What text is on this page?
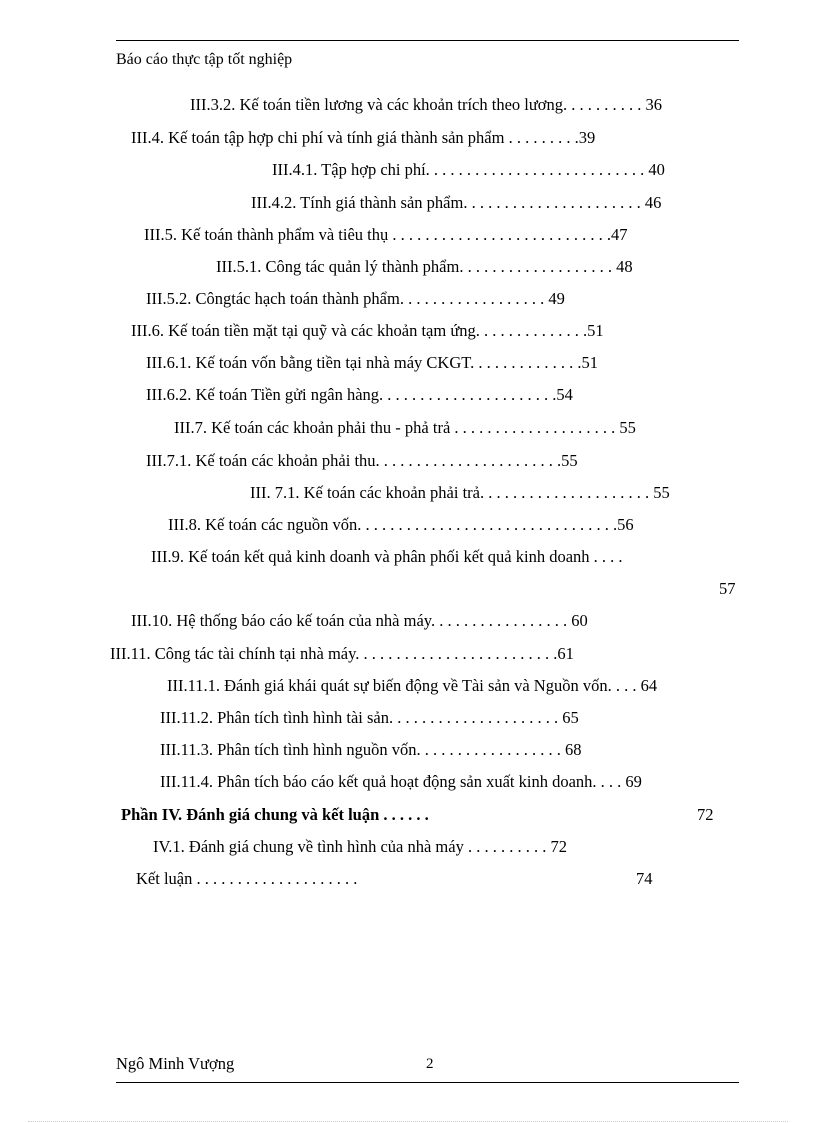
Báo cáo thực tập tốt nghiệp
III.3.2. Kế toán tiền lương và các khoản trích theo lương. . . . . . . . . . 36
III.4. Kế toán tập hợp chi phí và tính giá thành sản phẩm . . . . . . . . .39
III.4.1. Tập hợp chi phí. . . . . . . . . . . . . . . . . . . . . . . . . . . 40
III.4.2. Tính giá thành sản phẩm. . . . . . . . . . . . . . . . . . . . . . 46
III.5. Kế toán thành phẩm và tiêu thụ . . . . . . . . . . . . . . . . . . . . . . . . . . .47
III.5.1. Công tác quản lý thành phẩm. . . . . . . . . . . . . . . . . . . 48
III.5.2. Côngtác hạch toán thành phẩm. . . . . . . . . . . . . . . . . . 49
III.6. Kế toán tiền mặt tại quỹ và các khoản tạm ứng. . . . . . . . . . . . . .51
III.6.1. Kế toán vốn bằng tiền tại nhà máy CKGT. . . . . . . . . . . . . .51
III.6.2. Kế toán Tiền gửi ngân hàng. . . . . . . . . . . . . . . . . . . . . .54
III.7. Kế toán các khoản phải thu - phả trả . . . . . . . . . . . . . . . . . . . . 55
III.7.1. Kế toán các khoản phải thu. . . . . . . . . . . . . . . . . . . . . . .55
III. 7.1. Kế toán các khoản phải trả. . . . . . . . . . . . . . . . . . . . . 55
III.8. Kế toán các nguồn vốn. . . . . . . . . . . . . . . . . . . . . . . . . . . . . . . .56
III.9. Kế toán kết quả kinh doanh và phân phối kết quả kinh doanh . . . .
57
III.10. Hệ thống báo cáo kế toán của nhà máy. . . . . . . . . . . . . . . . . 60
III.11. Công tác tài chính tại nhà máy. . . . . . . . . . . . . . . . . . . . . . . . .61
III.11.1. Đánh giá khái quát sự biến động về Tài sản và Nguồn vốn. . . . 64
III.11.2. Phân tích tình hình tài sản. . . . . . . . . . . . . . . . . . . . . 65
III.11.3. Phân tích tình hình nguồn vốn. . . . . . . . . . . . . . . . . . 68
III.11.4. Phân tích báo cáo kết quả hoạt động sản xuất kinh doanh. . . . 69
Phần IV. Đánh giá chung và kết luận . . . . . .	72
IV.1. Đánh giá chung về tình hình của nhà máy . . . . . . . . . . 72
Kết luận . . . . . . . . . . . . . . . . . . . .	74
Ngô Minh Vượng	2
